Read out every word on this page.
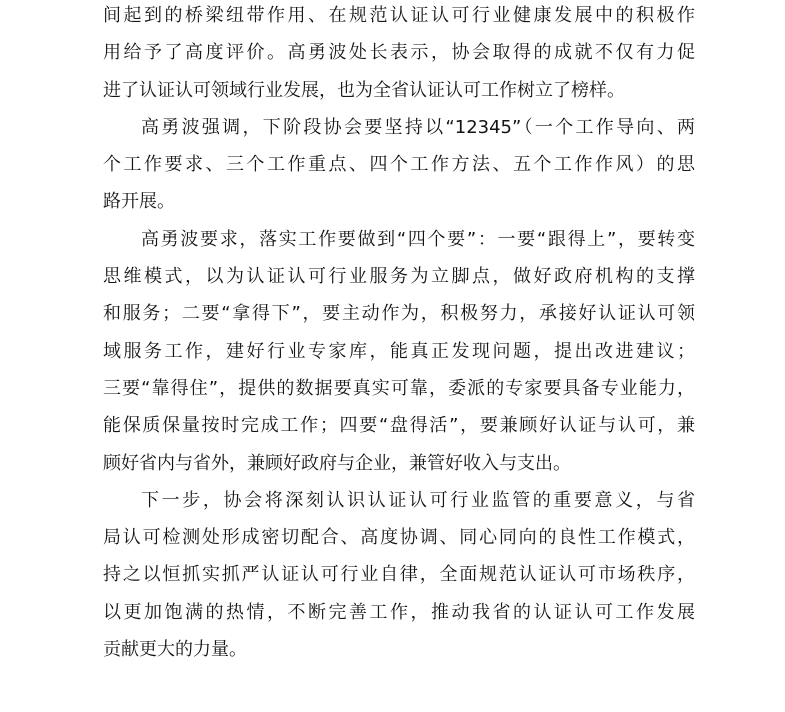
间起到的桥梁纽带作用、在规范认证认可行业健康发展中的积极作
用给予了高度评价。高勇波处长表示，协会取得的成就不仅有力促
进了认证认可领域行业发展，也为全省认证认可工作树立了榜样。
高勇波强调，下阶段协会要坚持以“12345”（一个工作导向、两
个工作要求、三个工作重点、四个工作方法、五个工作作风）的思
路开展。
高勇波要求，落实工作要做到“四个要”：一要“跟得上”，要转变
思维模式，以为认证认可行业服务为立脚点，做好政府机构的支撑
和服务；二要“拿得下”，要主动作为，积极努力，承接好认证认可领
域服务工作，建好行业专家库，能真正发现问题，提出改进建议；
三要“靠得住”，提供的数据要真实可靠，委派的专家要具备专业能力，
能保质保量按时完成工作；四要“盘得活”，要兼顾好认证与认可，兼
顾好省内与省外，兼顾好政府与企业，兼管好收入与支出。
下一步，协会将深刻认识认证认可行业监管的重要意义，与省
局认可检测处形成密切配合、高度协调、同心同向的良性工作模式，
持之以恒抓实抓严认证认可行业自律，全面规范认证认可市场秩序，
以更加饱满的热情，不断完善工作，推动我省的认证认可工作发展
贡献更大的力量。
